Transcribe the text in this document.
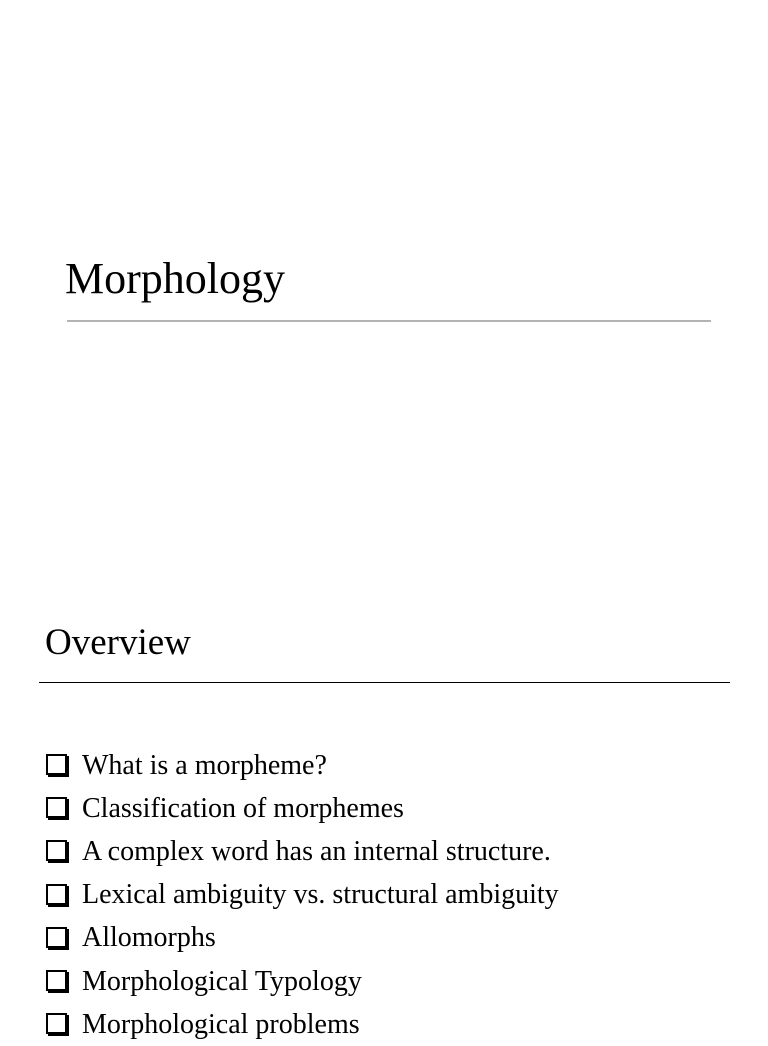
Morphology
Overview
What is a morpheme?
Classification of morphemes
A complex word has an internal structure.
Lexical ambiguity vs. structural ambiguity
Allomorphs
Morphological Typology
Morphological problems
